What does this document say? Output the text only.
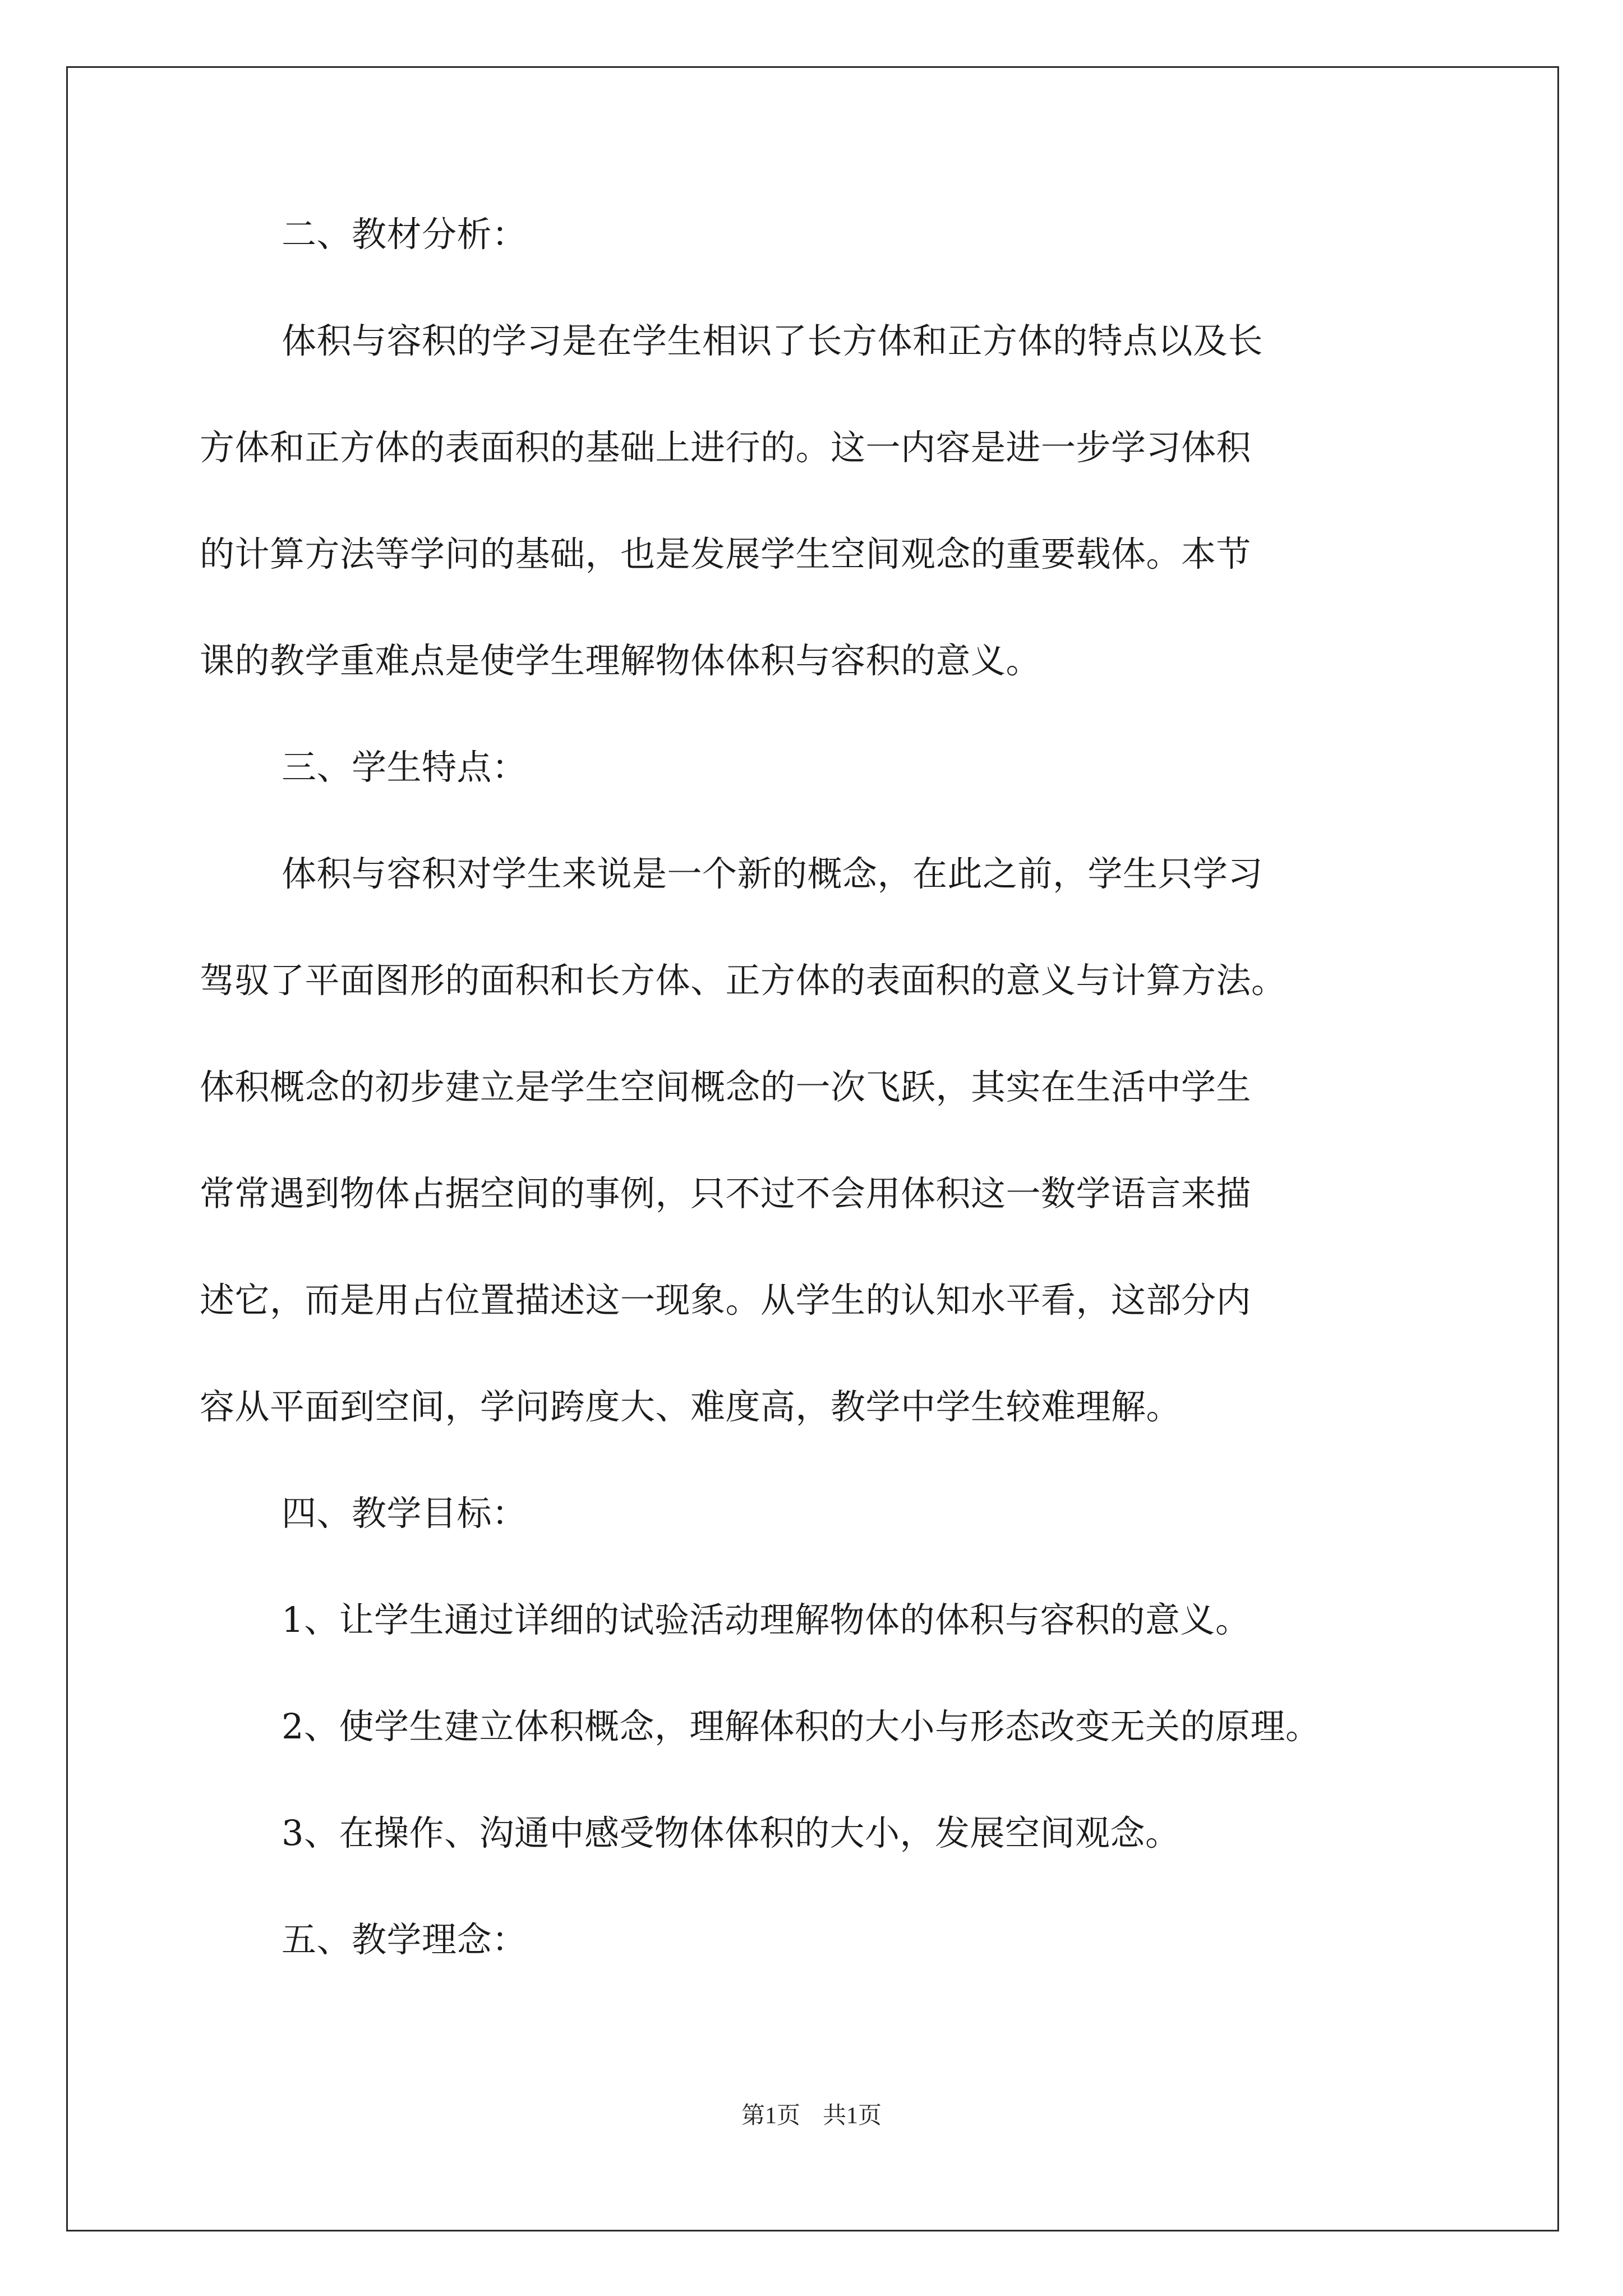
二、教材分析：
体积与容积的学习是在学生相识了长方体和正方体的特点以及长
方体和正方体的表面积的基础上进行的。这一内容是进一步学习体积
的计算方法等学问的基础，也是发展学生空间观念的重要载体。本节
课的教学重难点是使学生理解物体体积与容积的意义。
三、学生特点：
体积与容积对学生来说是一个新的概念，在此之前，学生只学习
驾驭了平面图形的面积和长方体、正方体的表面积的意义与计算方法。
体积概念的初步建立是学生空间概念的一次飞跃，其实在生活中学生
常常遇到物体占据空间的事例，只不过不会用体积这一数学语言来描
述它，而是用占位置描述这一现象。从学生的认知水平看，这部分内
容从平面到空间，学问跨度大、难度高，教学中学生较难理解。
四、教学目标：
1、让学生通过详细的试验活动理解物体的体积与容积的意义。
2、使学生建立体积概念，理解体积的大小与形态改变无关的原理。
3、在操作、沟通中感受物体体积的大小，发展空间观念。
五、教学理念：
第1页 共1页
